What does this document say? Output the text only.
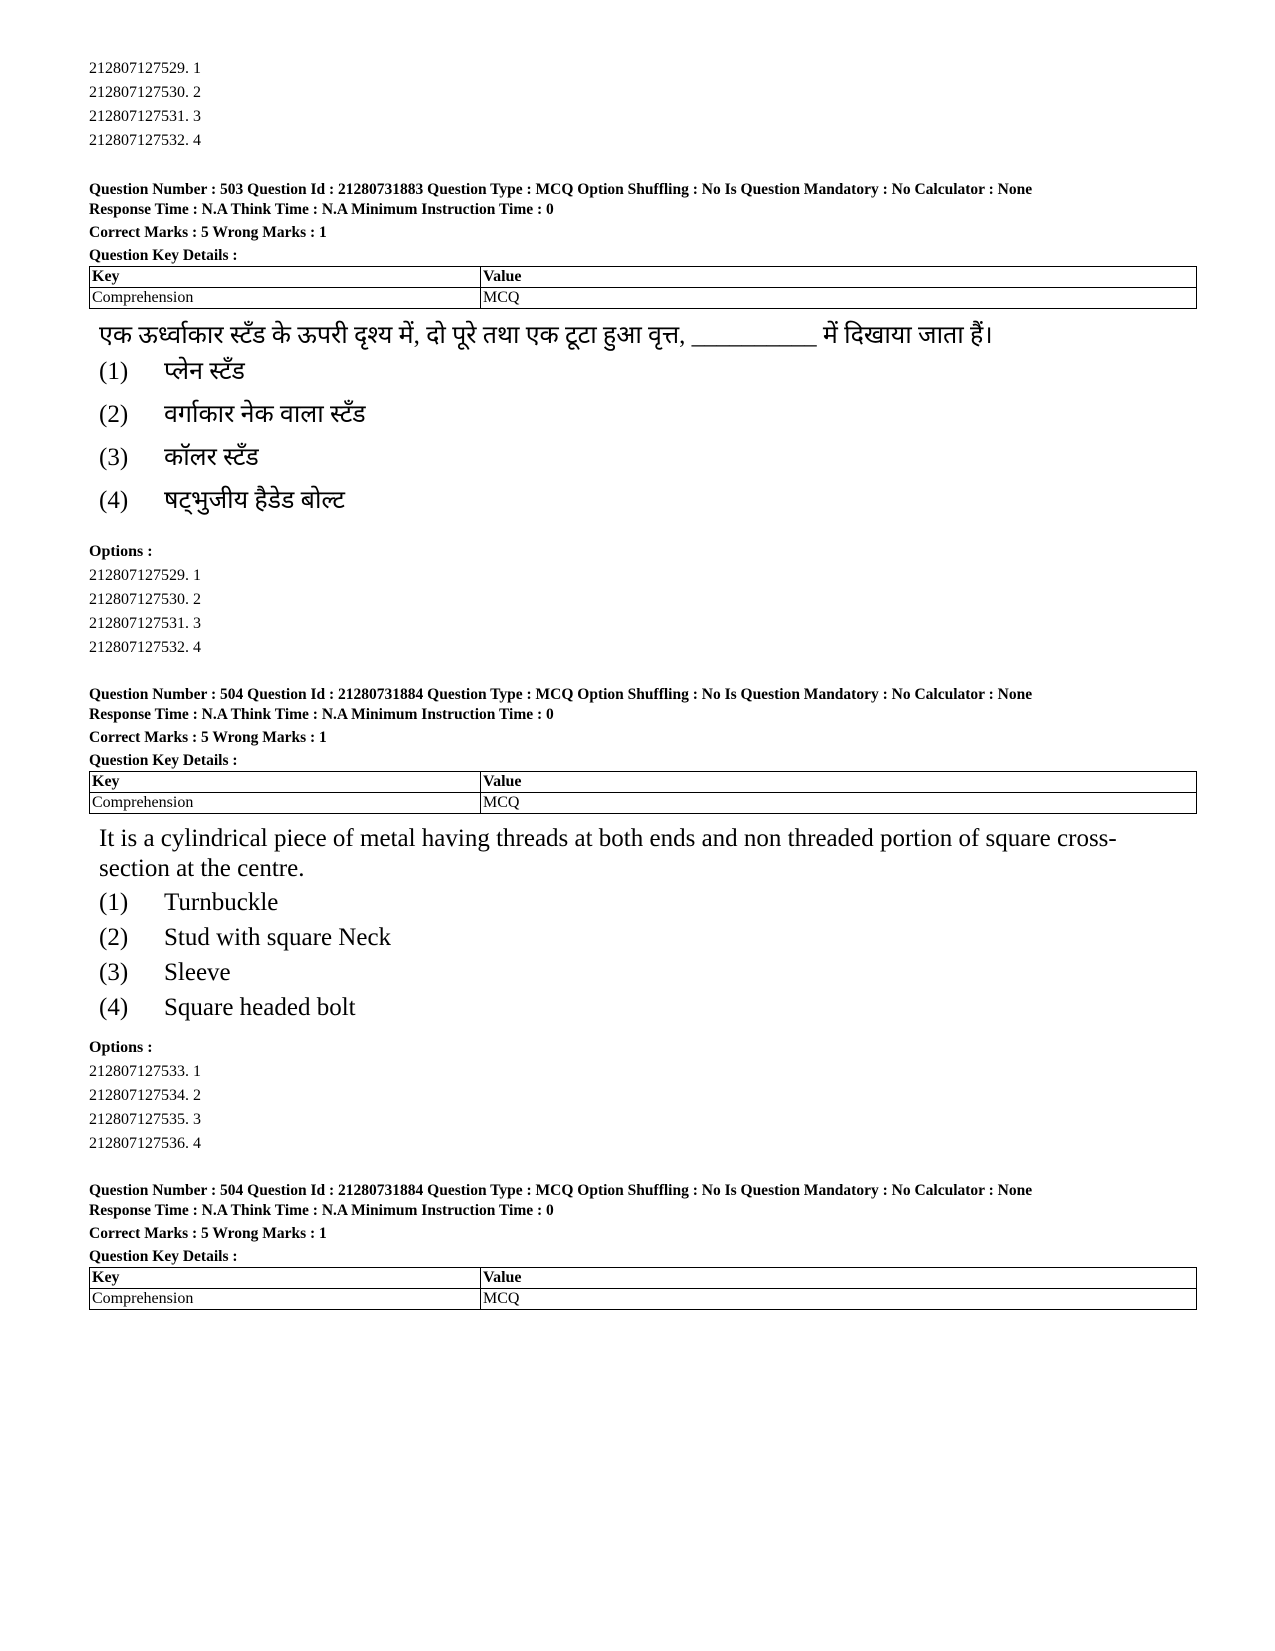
212807127529. 1
212807127530. 2
212807127531. 3
212807127532. 4
Question Number : 503 Question Id : 21280731883 Question Type : MCQ Option Shuffling : No Is Question Mandatory : No Calculator : None
Response Time : N.A Think Time : N.A Minimum Instruction Time : 0
Correct Marks : 5 Wrong Marks : 1
Question Key Details :
Key	Value
Comprehension	MCQ
एक ऊर्ध्वाकार स्टॅंड के ऊपरी दृश्य में, दो पूरे तथा एक टूटा हुआ वृत्त, __________ में दिखाया जाता हैं।
(1)	प्लेन स्टॅंड
(2)	वर्गाकार नेक वाला स्टॅंड
(3)	कॉलर स्टॅंड
(4)	षट्भुजीय हैडेड बोल्ट
Options :
212807127529. 1
212807127530. 2
212807127531. 3
212807127532. 4
Question Number : 504 Question Id : 21280731884 Question Type : MCQ Option Shuffling : No Is Question Mandatory : No Calculator : None
Response Time : N.A Think Time : N.A Minimum Instruction Time : 0
Correct Marks : 5 Wrong Marks : 1
Question Key Details :
Key	Value
Comprehension	MCQ
It is a cylindrical piece of metal having threads at both ends and non threaded portion of square cross-section at the centre.
(1)	Turnbuckle
(2)	Stud with square Neck
(3)	Sleeve
(4)	Square headed bolt
Options :
212807127533. 1
212807127534. 2
212807127535. 3
212807127536. 4
Question Number : 504 Question Id : 21280731884 Question Type : MCQ Option Shuffling : No Is Question Mandatory : No Calculator : None
Response Time : N.A Think Time : N.A Minimum Instruction Time : 0
Correct Marks : 5 Wrong Marks : 1
Question Key Details :
Key	Value
Comprehension	MCQ
